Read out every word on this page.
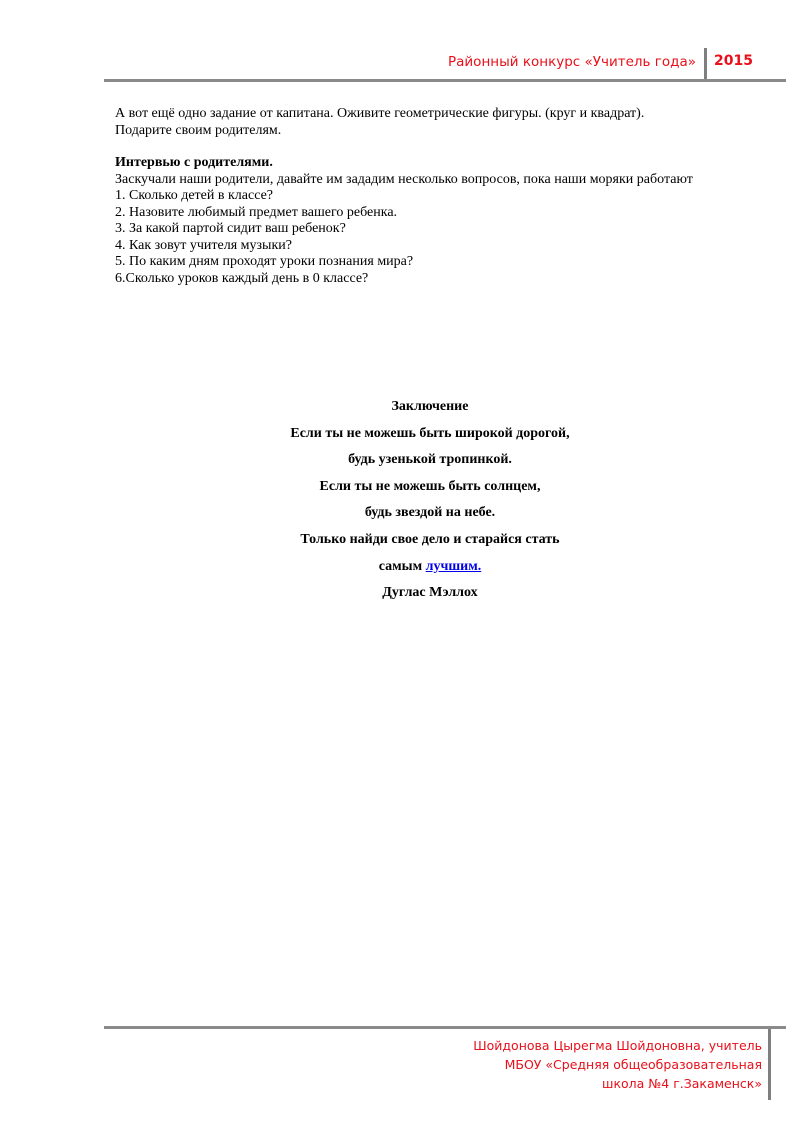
Районный конкурс «Учитель года» 2015

А вот ещё одно задание от капитана. Оживите геометрические фигуры. (круг и квадрат).

Подарите своим родителям.

Интервью с родителями.

Заскучали наши родители, давайте им зададим несколько вопросов, пока наши моряки работают

1. Сколько детей в классе?

2. Назовите любимый предмет вашего ребенка.

3. За какой партой сидит ваш ребенок?

4. Как зовут учителя музыки?

5. По каким дням проходят уроки познания мира?

6.Сколько уроков каждый день в 0 классе?

Заключение
Если ты не можешь быть широкой дорогой,
будь узенькой тропинкой.
Если ты не можешь быть солнцем,
будь звездой на небе.
Только найди свое дело и старайся стать
самым лучшим.
Дуглас Мэллох
Шойдонова Цырегма Шойдоновна, учитель
МБОУ «Средняя общеобразовательная
школа №4 г.Закаменск»
